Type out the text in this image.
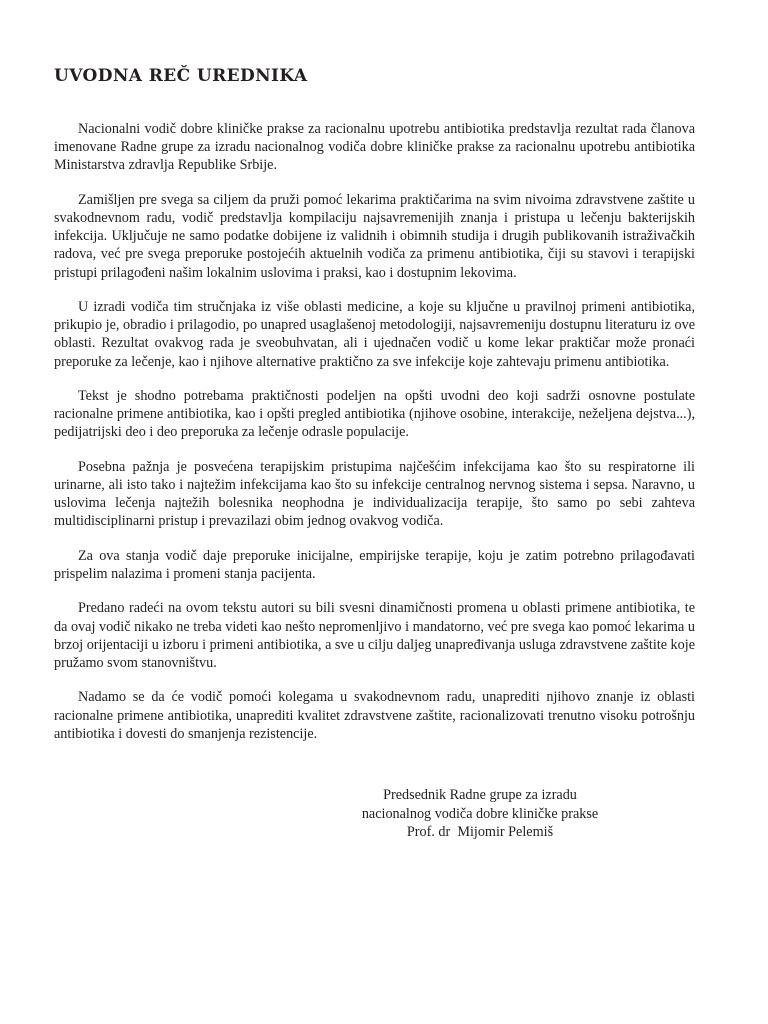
UVODNA REČ UREDNIKA

Nacionalni vodič dobre kliničke prakse za racionalnu upotrebu antibiotika predstavlja rezultat rada članova imenovane Radne grupe za izradu nacionalnog vodiča dobre kliničke prakse za racionalnu upotrebu antibiotika Ministarstva zdravlja Republike Srbije.

Zamišljen pre svega sa ciljem da pruži pomoć lekarima praktičarima na svim nivoima zdravstvene zaštite u svakodnevnom radu, vodič predstavlja kompilaciju najsavremenijih znanja i pristupa u lečenju bakterijskih infekcija. Uključuje ne samo podatke dobijene iz validnih i obimnih studija i drugih publikovanih istraživačkih radova, već pre svega preporuke postojećih aktuelnih vodiča za primenu antibiotika, čiji su stavovi i terapijski pristupi prilagođeni našim lokalnim uslovima i praksi, kao i dostupnim lekovima.

U izradi vodiča tim stručnjaka iz više oblasti medicine, a koje su ključne u pravilnoj primeni antibiotika, prikupio je, obradio i prilagodio, po unapred usaglašenoj metodologiji, najsavremeniju dostupnu literaturu iz ove oblasti. Rezultat ovakvog rada je sveobuhvatan, ali i ujednačen vodič u kome lekar praktičar može pronaći preporuke za lečenje, kao i njihove alternative praktično za sve infekcije koje zahtevaju primenu antibiotika.

Tekst je shodno potrebama praktičnosti podeljen na opšti uvodni deo koji sadrži osnovne postulate racionalne primene antibiotika, kao i opšti pregled antibiotika (njihove osobine, interakcije, neželjena dejstva...), pedijatrijski deo i deo preporuka za lečenje odrasle populacije.

Posebna pažnja je posvećena terapijskim pristupima najčešćim infekcijama kao što su respiratorne ili urinarne, ali isto tako i najtežim infekcijama kao što su infekcije centralnog nervnog sistema i sepsa. Naravno, u uslovima lečenja najtežih bolesnika neophodna je individualizacija terapije, što samo po sebi zahteva multidisciplinarni pristup i prevazilazi obim jednog ovakvog vodiča.

Za ova stanja vodič daje preporuke inicijalne, empirijske terapije, koju je zatim potrebno prilagođavati prispelim nalazima i promeni stanja pacijenta.

Predano radeći na ovom tekstu autori su bili svesni dinamičnosti promena u oblasti primene antibiotika, te da ovaj vodič nikako ne treba videti kao nešto nepromenljivo i mandatorno, već pre svega kao pomoć lekarima u brzoj orijentaciji u izboru i primeni antibiotika, a sve u cilju daljeg unapređivanja usluga zdravstvene zaštite koje pružamo svom stanovništvu.

Nadamo se da će vodič pomoći kolegama u svakodnevnom radu, unaprediti njihovo znanje iz oblasti racionalne primene antibiotika, unaprediti kvalitet zdravstvene zaštite, racionalizovati trenutno visoku potrošnju antibiotika i dovesti do smanjenja rezistencije.

Predsednik Radne grupe za izradu
nacionalnog vodiča dobre kliničke prakse
Prof. dr  Mijomir Pelemiš
